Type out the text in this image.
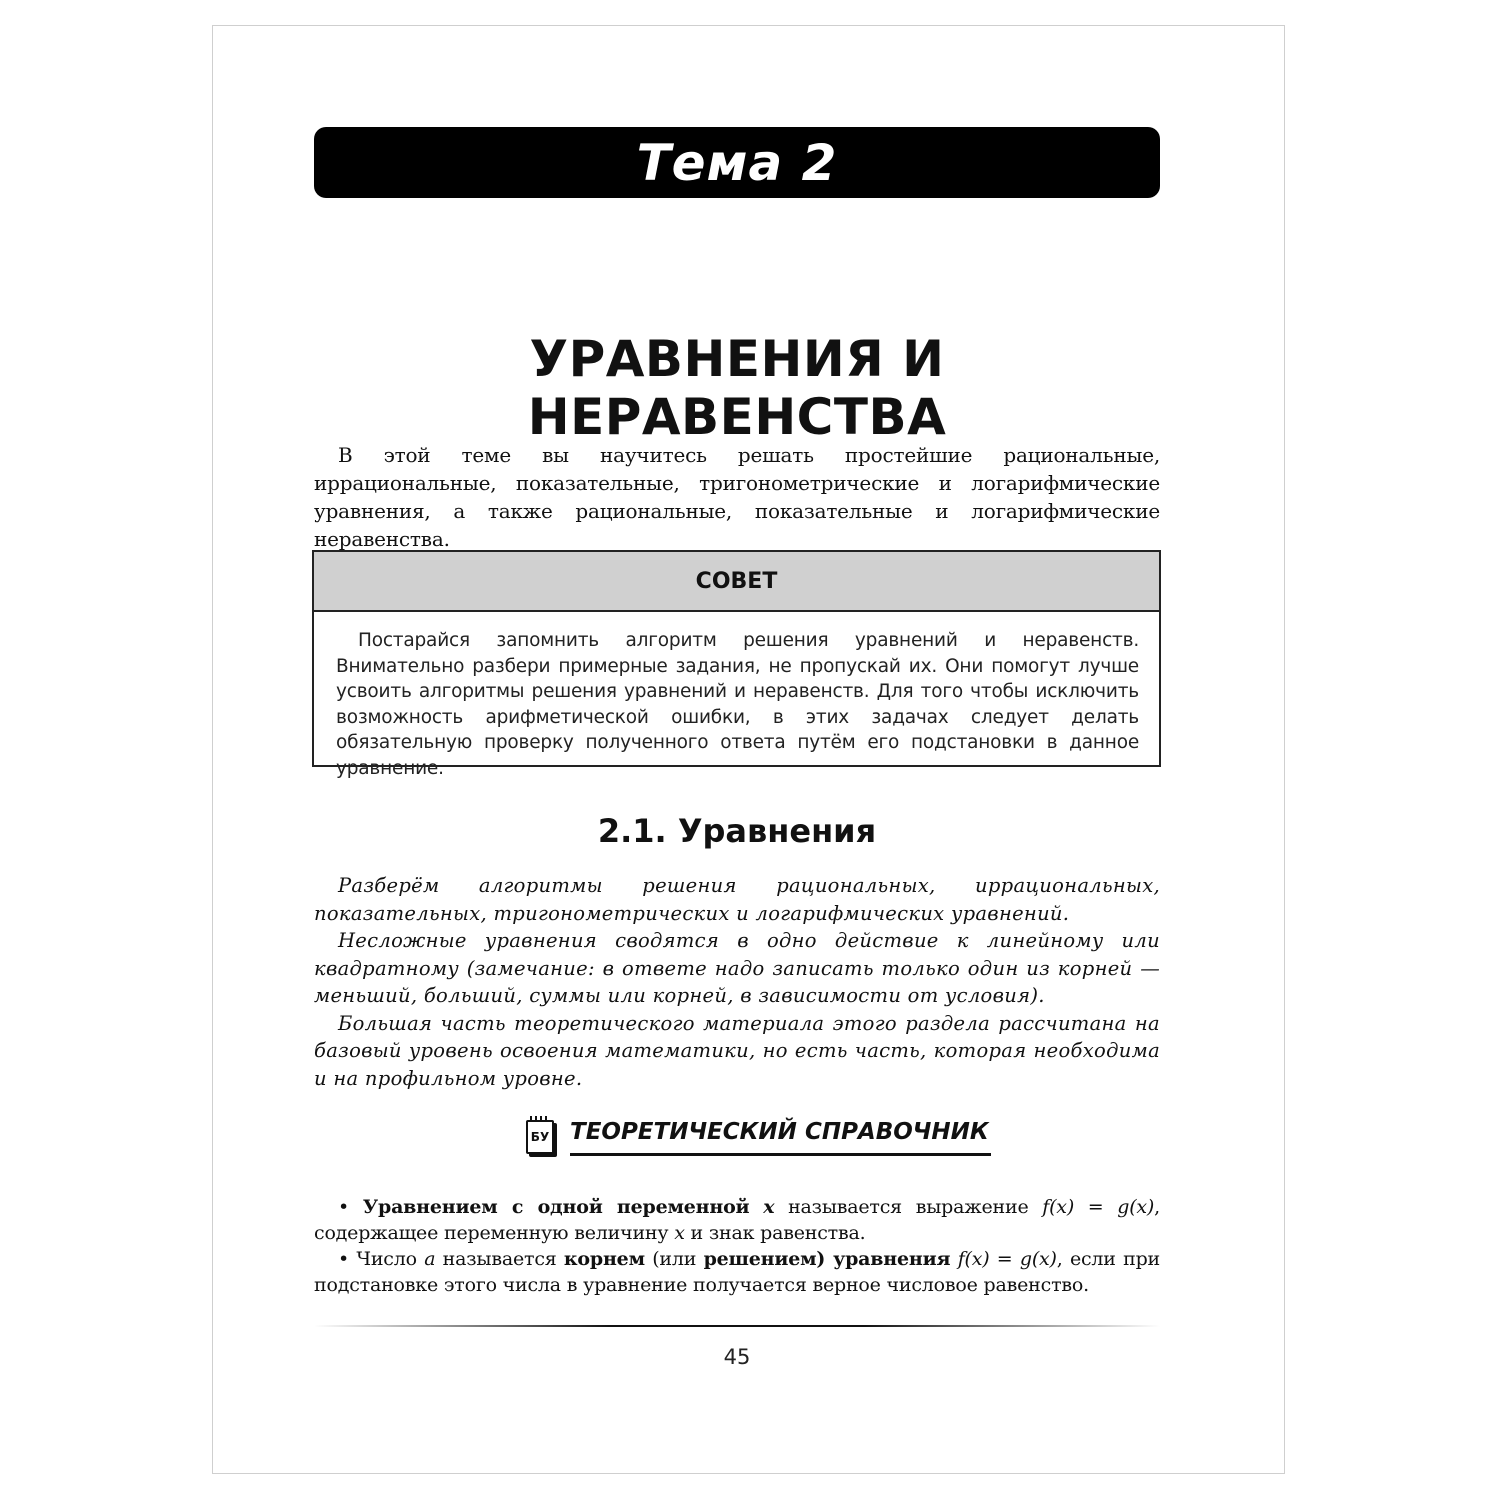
Тема 2
УРАВНЕНИЯ И НЕРАВЕНСТВА

В этой теме вы научитесь решать простейшие рациональные, иррациональные, показательные, тригонометрические и логарифмические уравнения, а также рациональные, показательные и логарифмические неравенства.

СОВЕТ

Постарайся запомнить алгоритм решения уравнений и неравенств. Внимательно разбери примерные задания, не пропускай их. Они помогут лучше усвоить алгоритмы решения уравнений и неравенств. Для того чтобы исключить возможность арифметической ошибки, в этих задачах следует делать обязательную проверку полученного ответа путём его подстановки в данное уравнение.

2.1. Уравнения

Разберём алгоритмы решения рациональных, иррациональных, показательных, тригонометрических и логарифмических уравнений.

Несложные уравнения сводятся в одно действие к линейному или квадратному (замечание: в ответе надо записать только один из корней — меньший, больший, суммы или корней, в зависимости от условия).

Большая часть теоретического материала этого раздела рассчитана на базовый уровень освоения математики, но есть часть, которая необходима и на профильном уровне.

БУ ТЕОРЕТИЧЕСКИЙ СПРАВОЧНИК

• Уравнением с одной переменной x называется выражение f(x) = g(x), содержащее переменную величину x и знак равенства.

• Число a называется корнем (или решением) уравнения f(x) = g(x), если при подстановке этого числа в уравнение получается верное числовое равенство.

45
